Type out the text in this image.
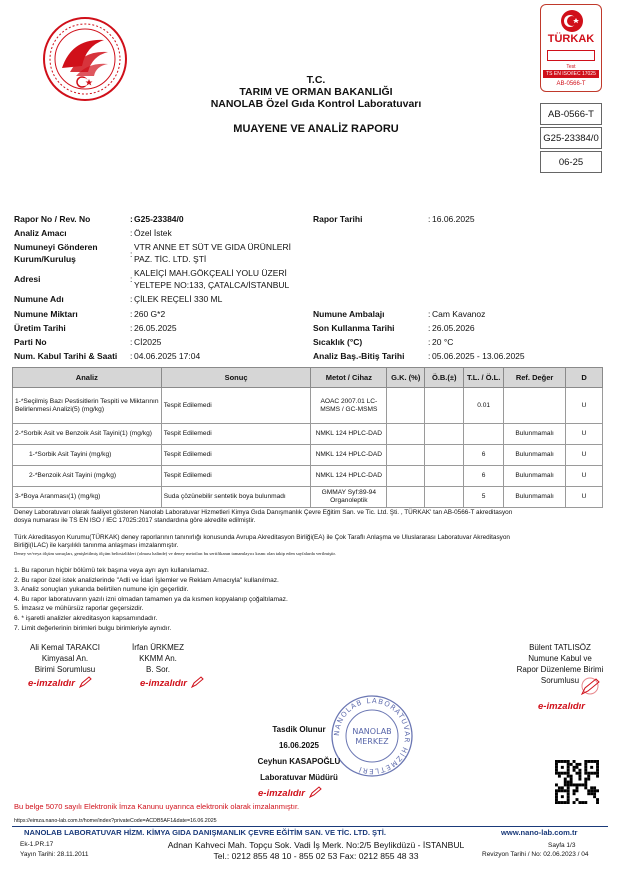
T.C.
TARIM VE ORMAN BAKANLIĞI
NANOLAB Özel Gıda Kontrol Laboratuvarı
MUAYENE VE ANALİZ RAPORU
TÜRKAK
Test
TS EN ISO/IEC 17025
AB-0566-T
AB-0566-T
G25-23384/0
06-25
Rapor No / Rev. No	: G25-23384/0	Rapor Tarihi	: 16.06.2025
Analiz Amacı	: Özel İstek
Numuneyi Gönderen
Kurum/Kuruluş	:
VTR ANNE ET SÜT VE GIDA ÜRÜNLERİ
PAZ. TİC. LTD. ŞTİ
Adresi	:
KALEİÇİ MAH.GÖKÇEALİ YOLU ÜZERİ
YELTEPE NO:133, ÇATALCA/İSTANBUL
Numune Adı	: ÇİLEK REÇELİ 330 ML
Numune Miktarı	: 260 G*2	Numune Ambalajı	: Cam Kavanoz
Üretim Tarihi	: 26.05.2025	Son Kullanma Tarihi	: 26.05.2026
Parti No	: Cİ2025	Sıcaklık (°C)	: 20 °C
Num. Kabul Tarihi & Saati : 04.06.2025 17:04	Analiz Baş.-Bitiş Tarihi	: 05.06.2025 - 13.06.2025
Analiz	Sonuç	Metot / Cihaz	G.K. (%)	Ö.B.(±)	T.L. / Ö.L.	Ref. Değer	D
1-*Seçilmiş Bazı Pestisitlerin Tespiti ve Miktarının Belirlenmesi Analizi(5) (mg/kg)	Tespit Edilemedi	AOAC 2007.01 LC-MSMS / GC-MSMS			0.01		U
2-*Sorbik Asit ve Benzoik Asit Tayini(1) (mg/kg)	Tespit Edilemedi	NMKL 124 HPLC-DAD				Bulunmamalı	U
1-*Sorbik Asit Tayini (mg/kg)	Tespit Edilemedi	NMKL 124 HPLC-DAD			6	Bulunmamalı	U
2-*Benzoik Asit Tayini (mg/kg)	Tespit Edilemedi	NMKL 124 HPLC-DAD			6	Bulunmamalı	U
3-*Boya Aranması(1) (mg/kg)	Suda çözünebilir sentetik boya bulunmadı	GMMAY Syf:89-94 Organoleptik			5	Bulunmamalı	U
Deney Laboratuvarı olarak faaliyet gösteren Nanolab Laboratuvar Hizmetleri Kimya Gıda Danışmanlık Çevre Eğitim San. ve Tic. Ltd. Şti. , TÜRKAK' tan AB-0566-T akreditasyon
dosya numarası ile TS EN ISO / IEC 17025:2017 standardına göre akredite edilmiştir.
Türk Akreditasyon Kurumu(TÜRKAK) deney raporlarının tanınırlığı konusunda Avrupa Akreditasyon Birliği(EA) ile Çok Taraflı Anlaşma ve Uluslararası Laboratuvar Akreditasyon
Birliği(ILAC) ile karşılıklı tanınma anlaşması imzalanmıştır.
Deney ve/veya ölçüm sonuçları, genişletilmiş ölçüm belirsizlikleri (olması halinde) ve deney metotları bu sertifikanın tamamlayıcı kısmı olan takip eden sayfalarda verilmiştir.
1. Bu raporun hiçbir bölümü tek başına veya ayrı ayrı kullanılamaz.
2. Bu rapor özel istek analizlerinde "Adli ve İdari İşlemler ve Reklam Amacıyla" kullanılmaz.
3. Analiz sonuçları yukarıda belirtilen numune için geçerlidir.
4. Bu rapor laboratuvarın yazılı izni olmadan tamamen ya da kısmen kopyalanıp çoğaltılamaz.
5. İmzasız ve mühürsüz raporlar geçersizdir.
6. * işaretli analizler akreditasyon kapsamındadır.
7. Limit değerlerinin birimleri bulgu birimleriyle aynıdır.
Ali Kemal TARAKCI
Kimyasal An.
Birimi Sorumlusu
e-imzalıdır
İrfan ÜRKMEZ
KKMM An.
B. Sor.
e-imzalıdır
Bülent TATLISÖZ
Numune Kabul ve
Rapor Düzenleme Birimi
Sorumlusu
e-imzalıdır
Tasdik Olunur
16.06.2025
Ceyhun KASAPOĞLU
Laboratuvar Müdürü
e-imzalıdır
NANOLAB LABORATUVAR HİZMETLERİ
NANOLAB
MERKEZ
Bu belge 5070 sayılı Elektronik İmza Kanunu uyarınca elektronik olarak imzalanmıştır.
https://eimza.nano-lab.com.tr/home/index?privateCode=ACDB5AF1&date=16.06.2025
NANOLAB LABORATUVAR HİZM. KİMYA GIDA DANIŞMANLIK ÇEVRE EĞİTİM SAN. VE TİC. LTD. ŞTİ.	www.nano-lab.com.tr
Ek-1.PR.17
Yayın Tarihi: 28.11.2011
Adnan Kahveci Mah. Topçu Sok. Vadi İş Merk. No:2/5 Beylikdüzü - İSTANBUL
Tel.: 0212 855 48 10 - 855 02 53 Fax: 0212 855 48 33
Sayfa 1/3
Revizyon Tarihi / No: 02.06.2023 / 04
